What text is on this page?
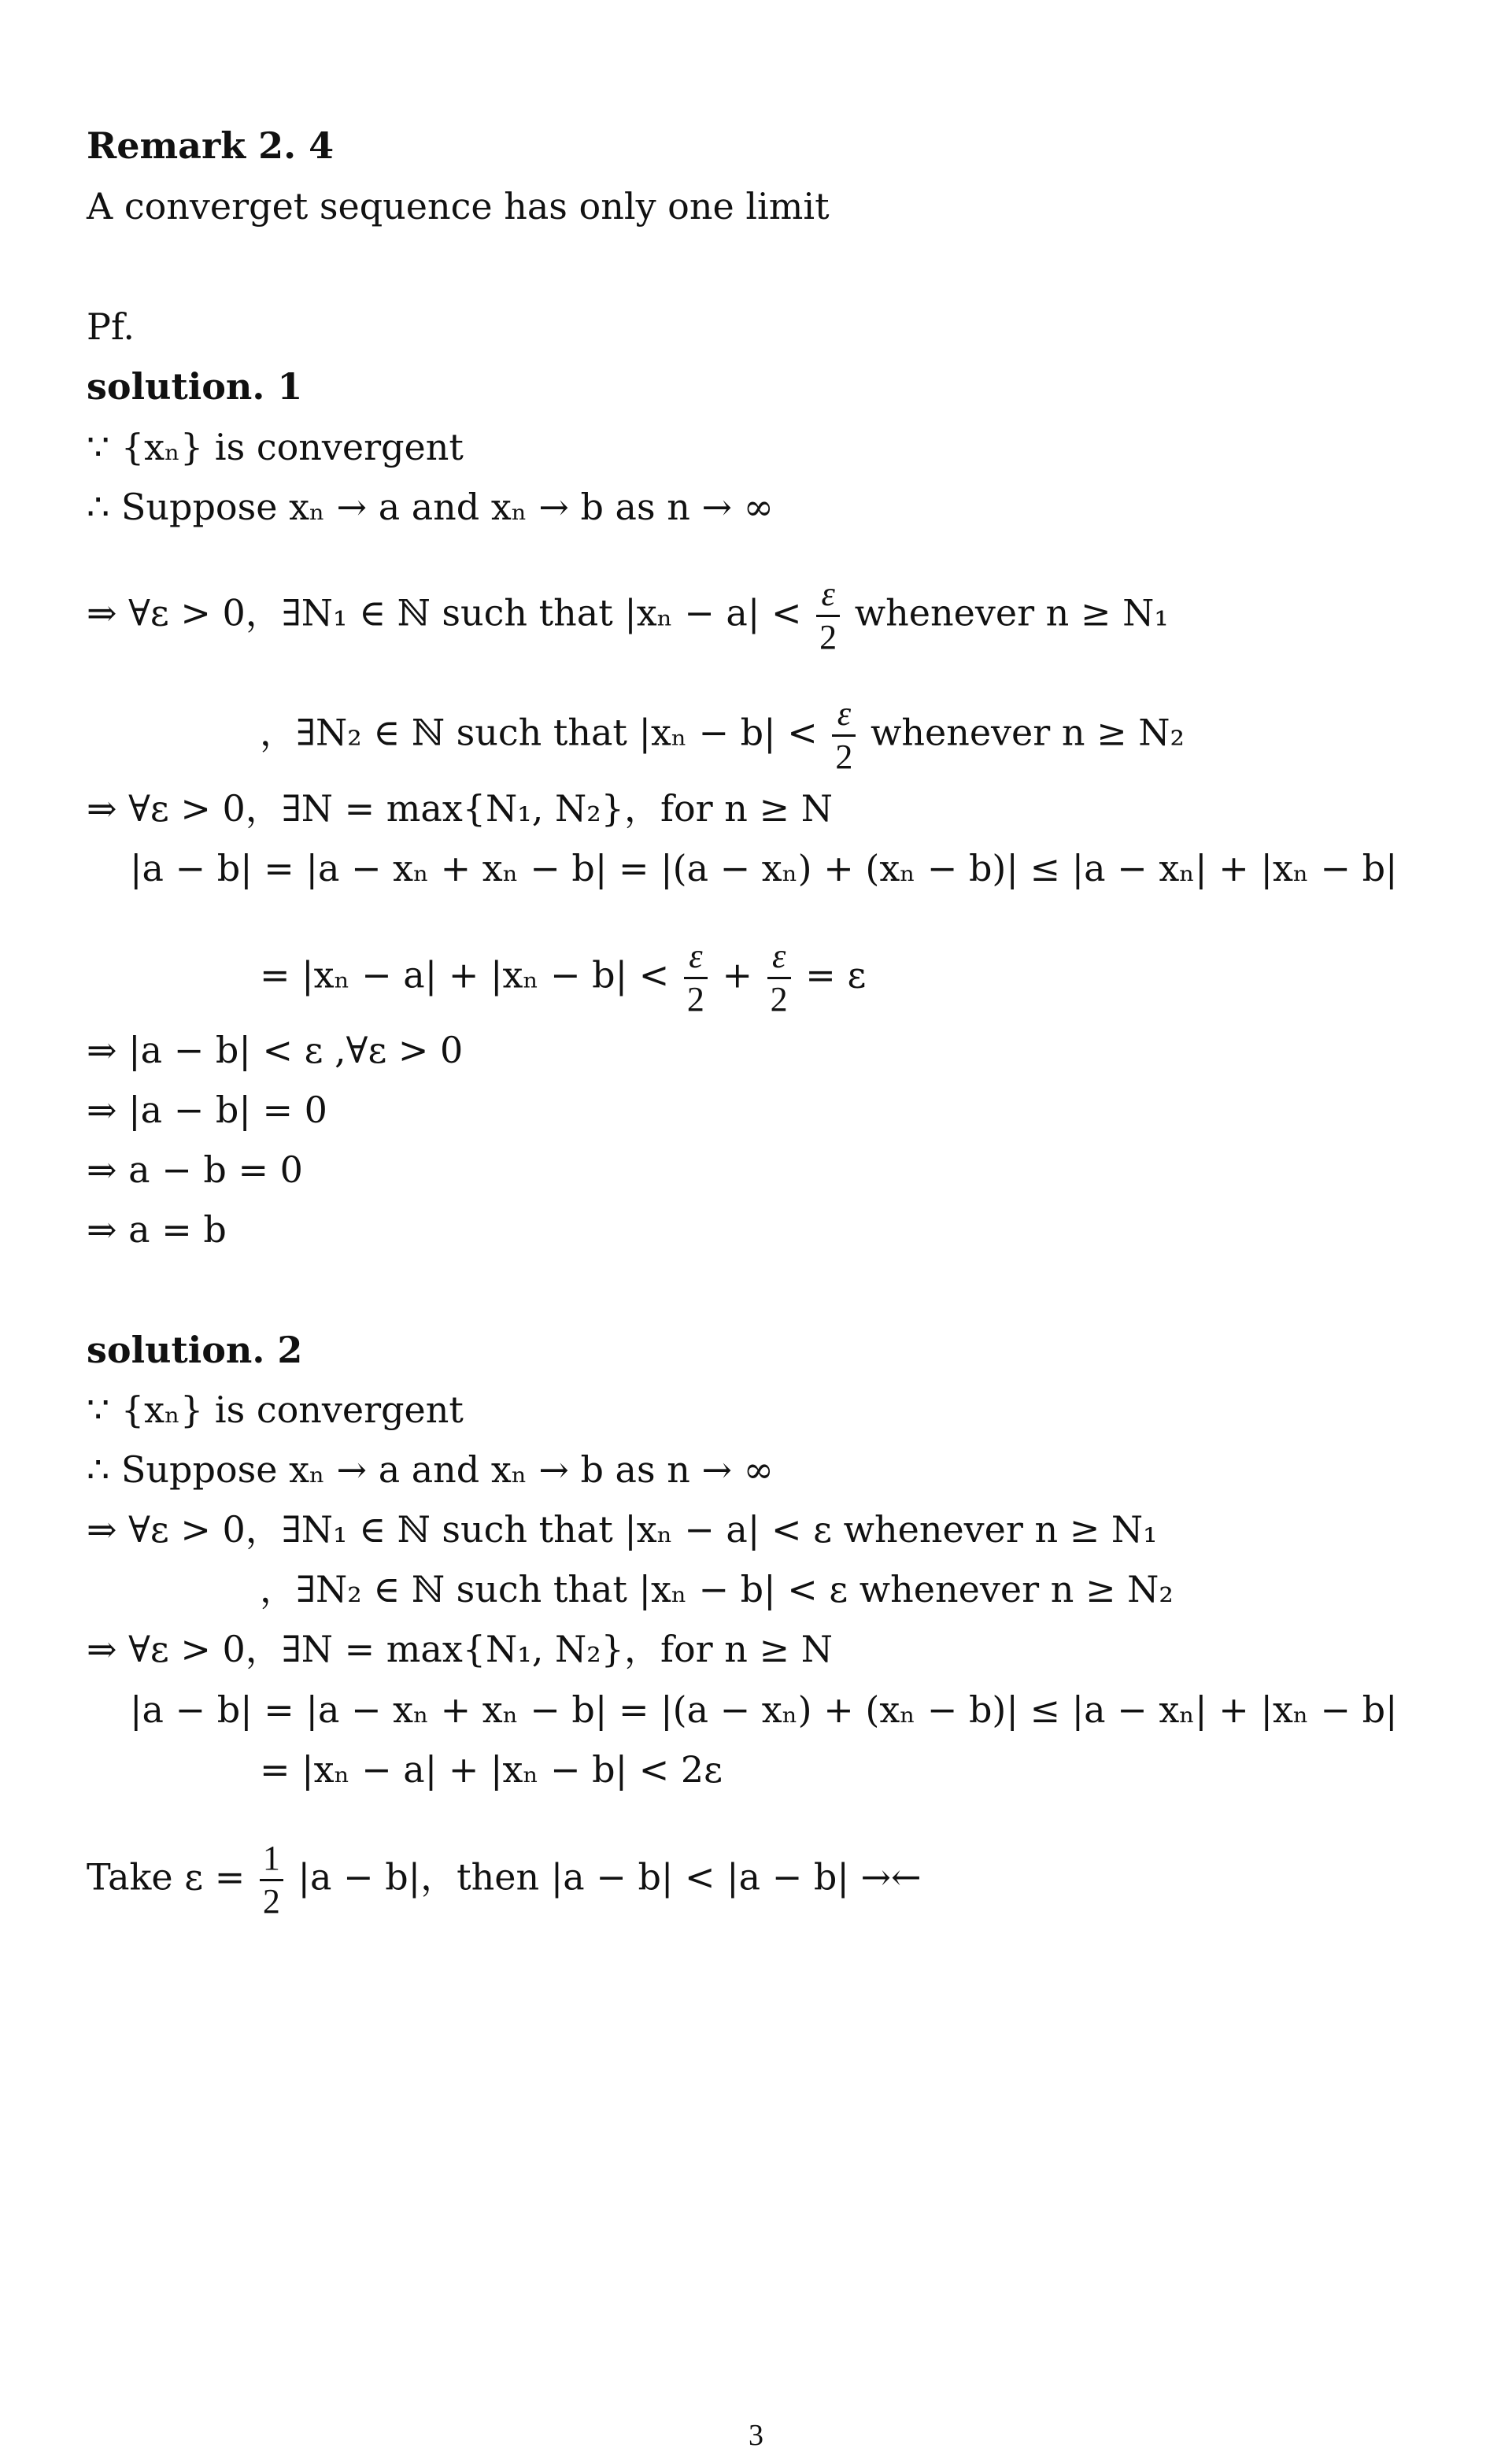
Remark 2. 4
A converget sequence has only one limit
Pf.
solution. 1
∵ {xₙ} is convergent
∴ Suppose xₙ → a and xₙ → b as n → ∞
⇒ ∀ε > 0，∃N₁ ∈ ℕ such that $|x_n - a| < \frac{\varepsilon}{2}$ whenever n ≥ N₁
，∃N₂ ∈ ℕ such that $|x_n - b| < \frac{\varepsilon}{2}$ whenever n ≥ N₂
⇒ ∀ε > 0，∃N = max{N₁, N₂}，for n ≥ N
|a − b| = |a − xₙ + xₙ − b| = |(a − xₙ) + (xₙ − b)| ≤ |a − xₙ| + |xₙ − b|
= $|x_n - a| + |x_n - b| < \frac{\varepsilon}{2} + \frac{\varepsilon}{2} = \varepsilon$
⇒ |a − b| < ε ,∀ε > 0
⇒ |a − b| = 0
⇒ a − b = 0
⇒ a = b
solution. 2
∵ {xₙ} is convergent
∴ Suppose xₙ → a and xₙ → b as n → ∞
⇒ ∀ε > 0，∃N₁ ∈ ℕ such that |xₙ − a| < ε whenever n ≥ N₁
，∃N₂ ∈ ℕ such that |xₙ − b| < ε whenever n ≥ N₂
⇒ ∀ε > 0，∃N = max{N₁, N₂}，for n ≥ N
|a − b| = |a − xₙ + xₙ − b| = |(a − xₙ) + (xₙ − b)| ≤ |a − xₙ| + |xₙ − b|
= |xₙ − a| + |xₙ − b| < 2ε
Take $\varepsilon = \frac{1}{2} |a - b|$，then |a − b| < |a − b| →←
3
